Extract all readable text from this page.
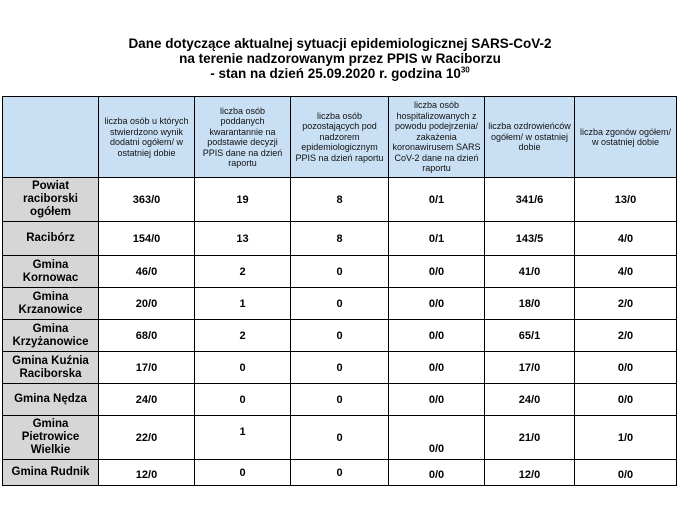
Dane dotyczące aktualnej sytuacji epidemiologicznej SARS-CoV-2
na terenie nadzorowanym przez PPIS w Raciborzu
- stan na dzień 25.09.2020 r. godzina $10^{30}$
	liczba osób u których stwierdzono wynik dodatni ogółem/ w ostatniej dobie	liczba osób poddanych kwarantannie na podstawie decyzji PPIS dane na dzień raportu	liczba osób pozostających pod nadzorem epidemiologicznym PPIS na dzień raportu	liczba osób hospitalizowanych z powodu podejrzenia/ zakażenia koronawirusem SARS CoV-2 dane na dzień raportu	liczba ozdrowieńców ogółem/ w ostatniej dobie	liczba zgonów ogółem/ w ostatniej dobie
Powiat raciborski ogółem	363/0	19	8	0/1	341/6	13/0
Racibórz	154/0	13	8	0/1	143/5	4/0
Gmina Kornowac	46/0	2	0	0/0	41/0	4/0
Gmina Krzanowice	20/0	1	0	0/0	18/0	2/0
Gmina Krzyżanowice	68/0	2	0	0/0	65/1	2/0
Gmina Kuźnia Raciborska	17/0	0	0	0/0	17/0	0/0
Gmina Nędza	24/0	0	0	0/0	24/0	0/0
Gmina Pietrowice Wielkie	22/0	1	0	0/0	21/0	1/0
Gmina Rudnik	12/0	0	0	0/0	12/0	0/0
